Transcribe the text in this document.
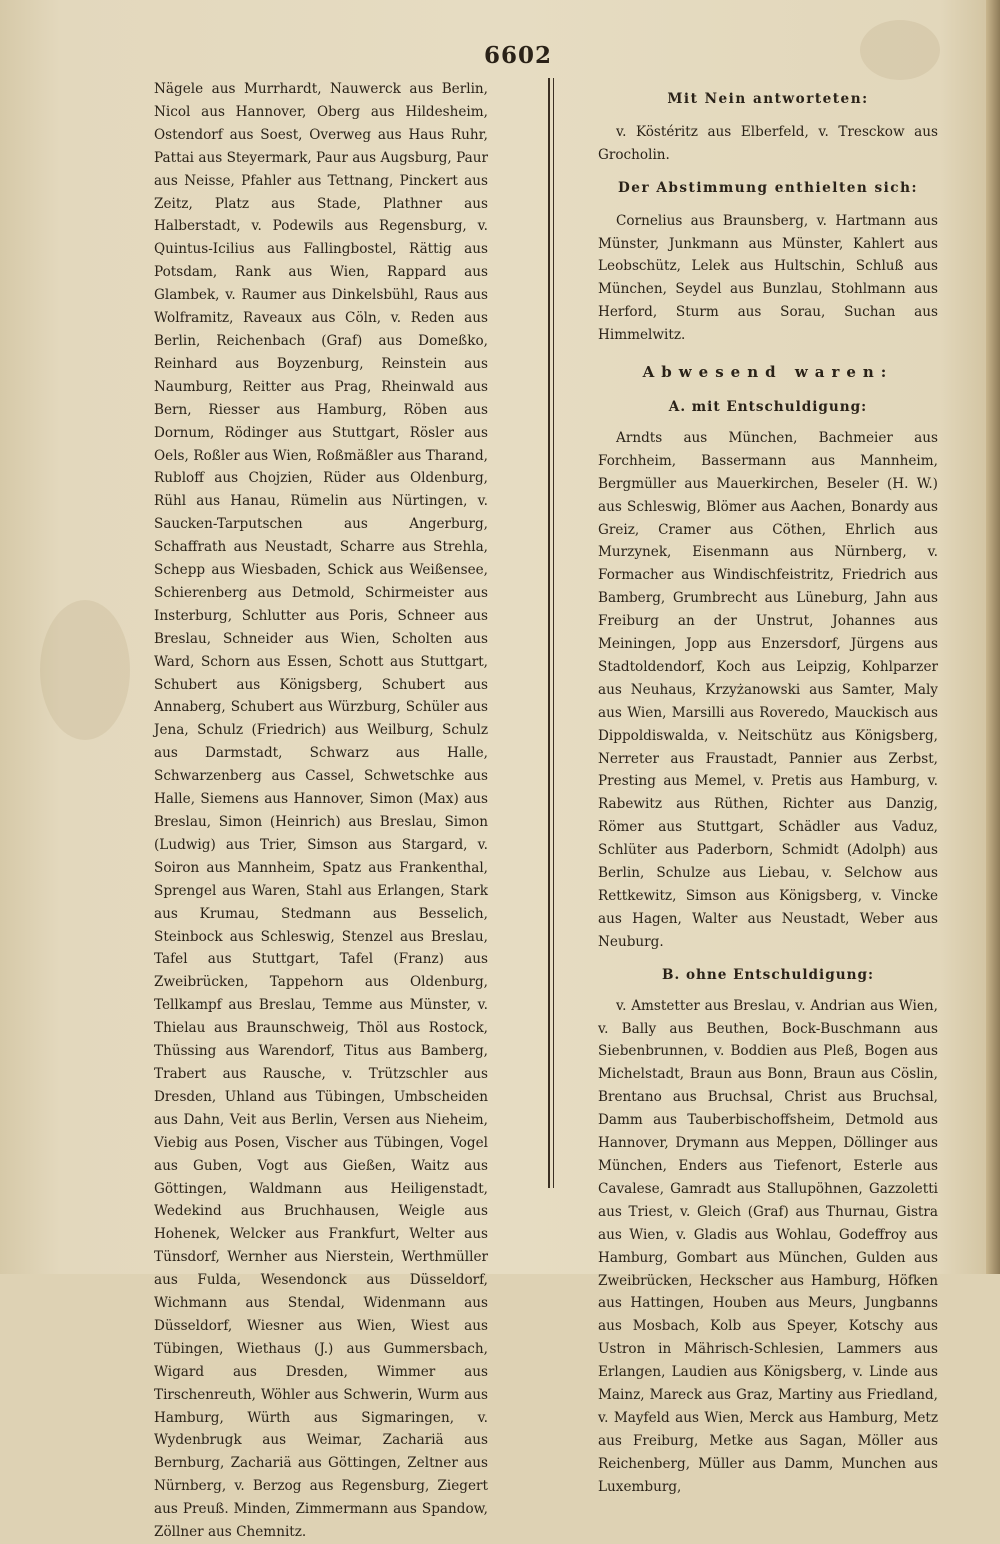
6602

Nägele aus Murrhardt, Nauwerck aus Berlin, Nicol aus Hannover, Oberg aus Hildesheim, Ostendorf aus Soest, Overweg aus Haus Ruhr, Pattai aus Steyermark, Paur aus Augsburg, Paur aus Neisse, Pfahler aus Tettnang, Pinckert aus Zeitz, Platz aus Stade, Plathner aus Halberstadt, v. Podewils aus Regensburg, v. Quintus-Icilius aus Fallingbostel, Rättig aus Potsdam, Rank aus Wien, Rappard aus Glambek, v. Raumer aus Dinkelsbühl, Raus aus Wolframitz, Raveaux aus Cöln, v. Reden aus Berlin, Reichenbach (Graf) aus Domeßko, Reinhard aus Boyzenburg, Reinstein aus Naumburg, Reitter aus Prag, Rheinwald aus Bern, Riesser aus Hamburg, Röben aus Dornum, Rödinger aus Stuttgart, Rösler aus Oels, Roßler aus Wien, Roßmäßler aus Tharand, Rubloff aus Chojzien, Rüder aus Oldenburg, Rühl aus Hanau, Rümelin aus Nürtingen, v. Saucken-Tarputschen aus Angerburg, Schaffrath aus Neustadt, Scharre aus Strehla, Schepp aus Wiesbaden, Schick aus Weißensee, Schierenberg aus Detmold, Schirmeister aus Insterburg, Schlutter aus Poris, Schneer aus Breslau, Schneider aus Wien, Scholten aus Ward, Schorn aus Essen, Schott aus Stuttgart, Schubert aus Königsberg, Schubert aus Annaberg, Schubert aus Würzburg, Schüler aus Jena, Schulz (Friedrich) aus Weilburg, Schulz aus Darmstadt, Schwarz aus Halle, Schwarzenberg aus Cassel, Schwetschke aus Halle, Siemens aus Hannover, Simon (Max) aus Breslau, Simon (Heinrich) aus Breslau, Simon (Ludwig) aus Trier, Simson aus Stargard, v. Soiron aus Mannheim, Spatz aus Frankenthal, Sprengel aus Waren, Stahl aus Erlangen, Stark aus Krumau, Stedmann aus Besselich, Steinbock aus Schleswig, Stenzel aus Breslau, Tafel aus Stuttgart, Tafel (Franz) aus Zweibrücken, Tappehorn aus Oldenburg, Tellkampf aus Breslau, Temme aus Münster, v. Thielau aus Braunschweig, Thöl aus Rostock, Thüssing aus Warendorf, Titus aus Bamberg, Trabert aus Rausche, v. Trützschler aus Dresden, Uhland aus Tübingen, Umbscheiden aus Dahn, Veit aus Berlin, Versen aus Nieheim, Viebig aus Posen, Vischer aus Tübingen, Vogel aus Guben, Vogt aus Gießen, Waitz aus Göttingen, Waldmann aus Heiligenstadt, Wedekind aus Bruchhausen, Weigle aus Hohenek, Welcker aus Frankfurt, Welter aus Tünsdorf, Wernher aus Nierstein, Werthmüller aus Fulda, Wesendonck aus Düsseldorf, Wichmann aus Stendal, Widenmann aus Düsseldorf, Wiesner aus Wien, Wiest aus Tübingen, Wiethaus (J.) aus Gummersbach, Wigard aus Dresden, Wimmer aus Tirschenreuth, Wöhler aus Schwerin, Wurm aus Hamburg, Würth aus Sigmaringen, v. Wydenbrugk aus Weimar, Zachariä aus Bernburg, Zachariä aus Göttingen, Zeltner aus Nürnberg, v. Berzog aus Regensburg, Ziegert aus Preuß. Minden, Zimmermann aus Spandow, Zöllner aus Chemnitz.

Mit Nein antworteten:

v. Köstéritz aus Elberfeld, v. Tresckow aus Grocholin.

Der Abstimmung enthielten sich:

Cornelius aus Braunsberg, v. Hartmann aus Münster, Junkmann aus Münster, Kahlert aus Leobschütz, Lelek aus Hultschin, Schluß aus München, Seydel aus Bunzlau, Stohlmann aus Herford, Sturm aus Sorau, Suchan aus Himmelwitz.

Abwesend waren:
A. mit Entschuldigung:

Arndts aus München, Bachmeier aus Forchheim, Bassermann aus Mannheim, Bergmüller aus Mauerkirchen, Beseler (H. W.) aus Schleswig, Blömer aus Aachen, Bonardy aus Greiz, Cramer aus Cöthen, Ehrlich aus Murzynek, Eisenmann aus Nürnberg, v. Formacher aus Windischfeistritz, Friedrich aus Bamberg, Grumbrecht aus Lüneburg, Jahn aus Freiburg an der Unstrut, Johannes aus Meiningen, Jopp aus Enzersdorf, Jürgens aus Stadtoldendorf, Koch aus Leipzig, Kohlparzer aus Neuhaus, Krzyżanowski aus Samter, Maly aus Wien, Marsilli aus Roveredo, Mauckisch aus Dippoldiswalda, v. Neitschütz aus Königsberg, Nerreter aus Fraustadt, Pannier aus Zerbst, Presting aus Memel, v. Pretis aus Hamburg, v. Rabewitz aus Rüthen, Richter aus Danzig, Römer aus Stuttgart, Schädler aus Vaduz, Schlüter aus Paderborn, Schmidt (Adolph) aus Berlin, Schulze aus Liebau, v. Selchow aus Rettkewitz, Simson aus Königsberg, v. Vincke aus Hagen, Walter aus Neustadt, Weber aus Neuburg.

B. ohne Entschuldigung:

v. Amstetter aus Breslau, v. Andrian aus Wien, v. Bally aus Beuthen, Bock-Buschmann aus Siebenbrunnen, v. Boddien aus Pleß, Bogen aus Michelstadt, Braun aus Bonn, Braun aus Cöslin, Brentano aus Bruchsal, Christ aus Bruchsal, Damm aus Tauberbischoffsheim, Detmold aus Hannover, Drymann aus Meppen, Döllinger aus München, Enders aus Tiefenort, Esterle aus Cavalese, Gamradt aus Stallupöhnen, Gazzoletti aus Triest, v. Gleich (Graf) aus Thurnau, Gistra aus Wien, v. Gladis aus Wohlau, Godeffroy aus Hamburg, Gombart aus München, Gulden aus Zweibrücken, Heckscher aus Hamburg, Höfken aus Hattingen, Houben aus Meurs, Jungbanns aus Mosbach, Kolb aus Speyer, Kotschy aus Ustron in Mährisch-Schlesien, Lammers aus Erlangen, Laudien aus Königsberg, v. Linde aus Mainz, Mareck aus Graz, Martiny aus Friedland, v. Mayfeld aus Wien, Merck aus Hamburg, Metz aus Freiburg, Metke aus Sagan, Möller aus Reichenberg, Müller aus Damm, Munchen aus Luxemburg,
